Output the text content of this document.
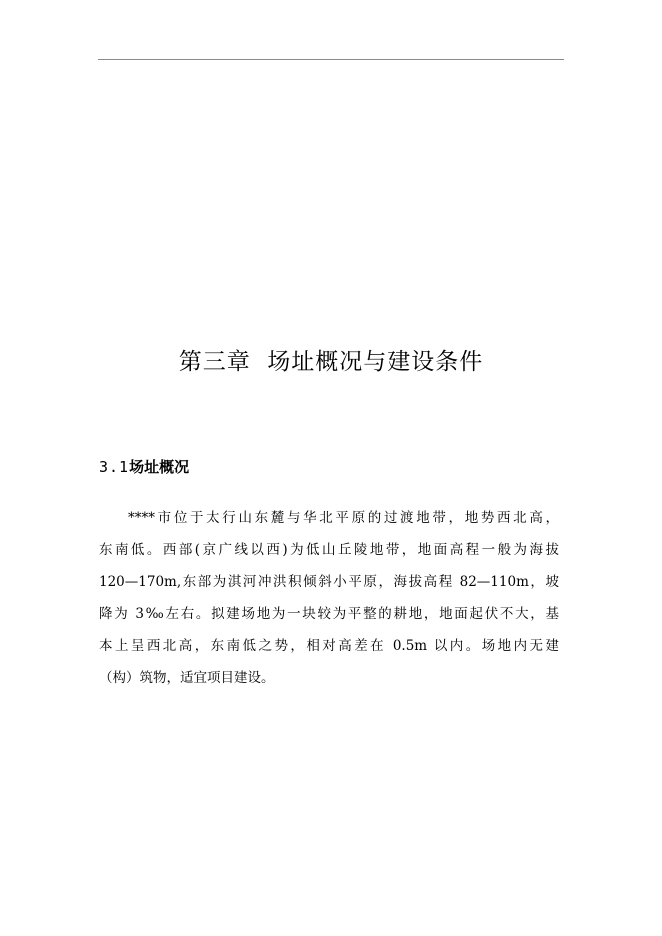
第三章  场址概况与建设条件
3.1场址概况
****市位于太行山东麓与华北平原的过渡地带，地势西北高，
东南低。西部(京广线以西)为低山丘陵地带，地面高程一般为海拔
120—170m,东部为淇河冲洪积倾斜小平原，海拔高程 82—110m，坡
降为 3‰左右。拟建场地为一块较为平整的耕地，地面起伏不大，基
本上呈西北高，东南低之势，相对高差在 0.5m 以内。场地内无建
（构）筑物，适宜项目建设。
